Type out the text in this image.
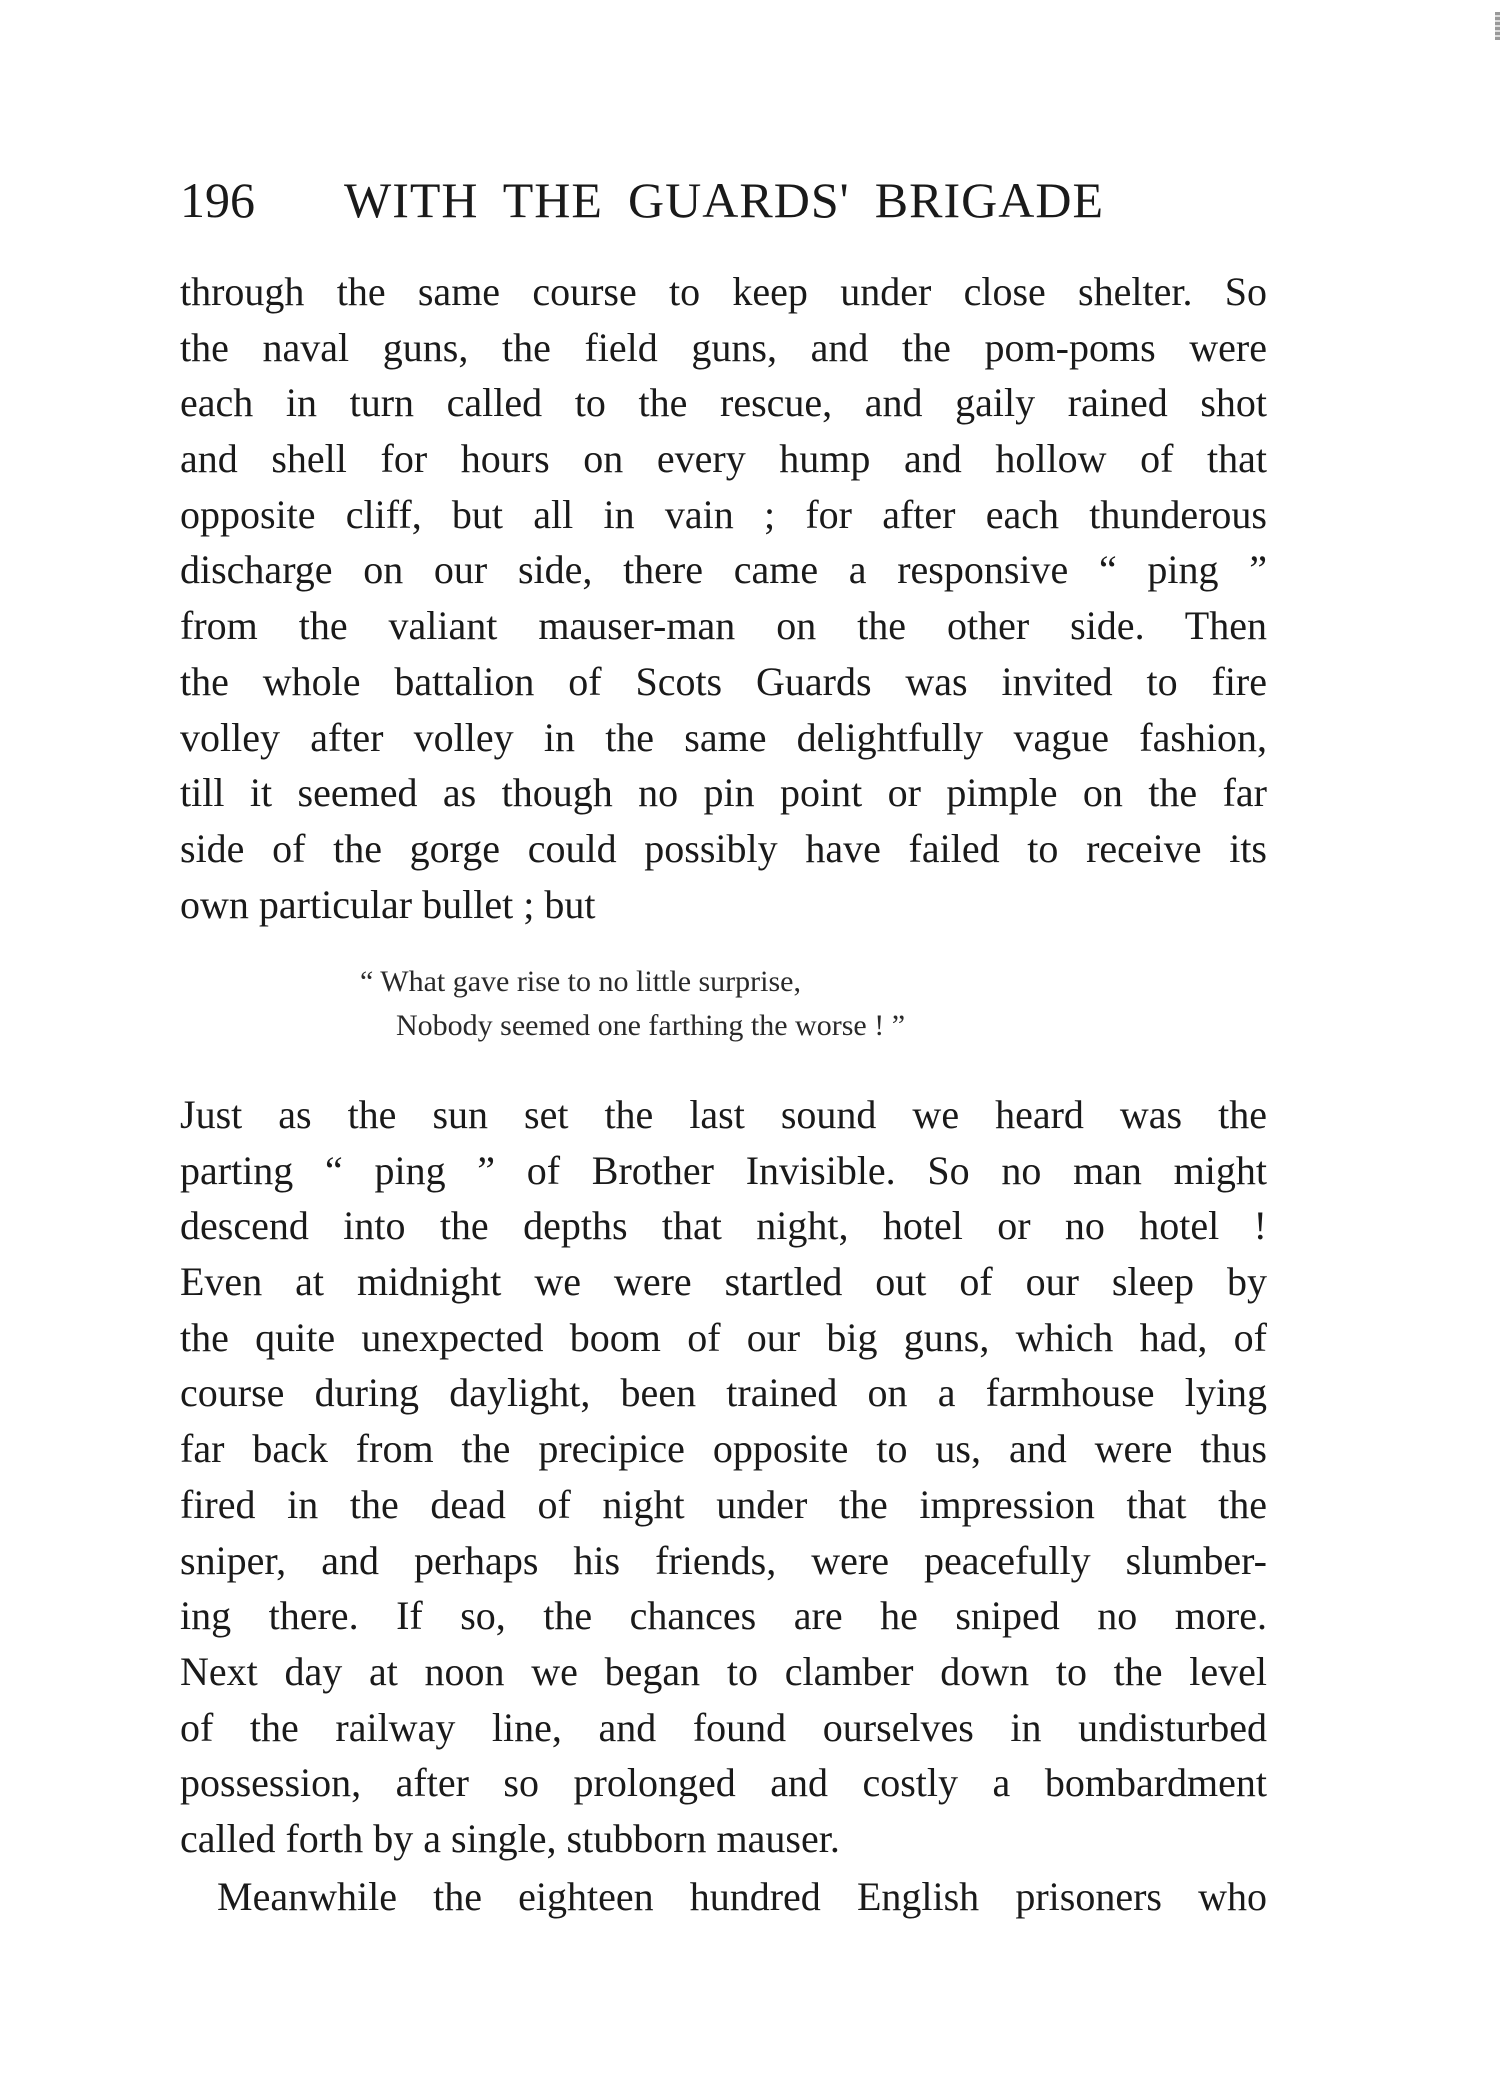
196 WITH THE GUARDS' BRIGADE
through the same course to keep under close shelter. So
the naval guns, the field guns, and the pom-poms were
each in turn called to the rescue, and gaily rained shot
and shell for hours on every hump and hollow of that
opposite cliff, but all in vain ; for after each thunderous
discharge on our side, there came a responsive “ ping ”
from the valiant mauser-man on the other side. Then
the whole battalion of Scots Guards was invited to fire
volley after volley in the same delightfully vague fashion,
till it seemed as though no pin point or pimple on the far
side of the gorge could possibly have failed to receive its
own particular bullet ; but
“ What gave rise to no little surprise,
Nobody seemed one farthing the worse ! ”
Just as the sun set the last sound we heard was the
parting “ ping ” of Brother Invisible. So no man might
descend into the depths that night, hotel or no hotel !
Even at midnight we were startled out of our sleep by
the quite unexpected boom of our big guns, which had, of
course during daylight, been trained on a farmhouse lying
far back from the precipice opposite to us, and were thus
fired in the dead of night under the impression that the
sniper, and perhaps his friends, were peacefully slumber-
ing there. If so, the chances are he sniped no more.
Next day at noon we began to clamber down to the level
of the railway line, and found ourselves in undisturbed
possession, after so prolonged and costly a bombardment
called forth by a single, stubborn mauser.
Meanwhile the eighteen hundred English prisoners who
